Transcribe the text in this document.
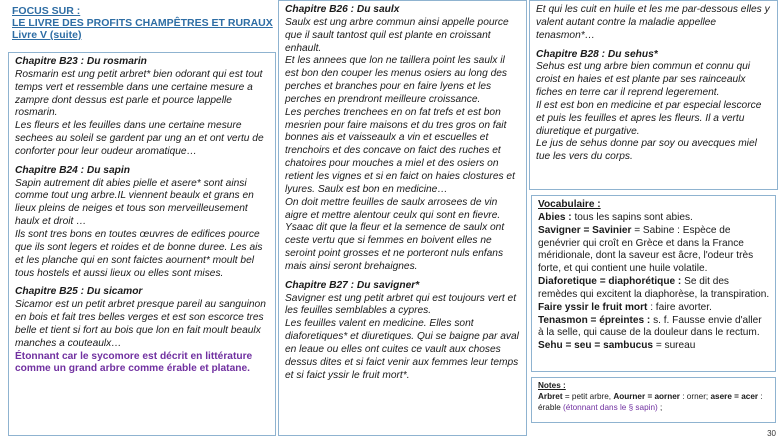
FOCUS SUR :
LE LIVRE DES PROFITS CHAMPÊTRES ET RURAUX
Livre V (suite)

Chapitre B23 : Du rosmarin

Rosmarin est ung petit arbret* bien odorant qui est tout temps vert et ressemble dans une certaine mesure a zampre dont dessus est parle et pource lappelle rosmarin.

Les fleurs et les feuilles dans une certaine mesure sechees au soleil se gardent par ung an et ont vertu de conforter pour leur oudeur aromatique…

Chapitre B24 : Du sapin

Sapin autrement dit abies pielle et asere* sont ainsi comme tout ung arbre.IL viennent beaulx et grans en lieux pleins de neiges et tous son merveilleusement haulx et droit …

Ils sont tres bons en toutes œuvres de edifices pource que ils sont legers et roides et de bonne duree. Les ais et les planche qui en sont faictes aournent* moult bel tous hostels et aussi lieux ou elles sont mises.

Chapitre B25 : Du sicamor

Sicamor est un petit arbret presque pareil au sanguinon en bois et fait tres belles verges et est son escorce tres belle et tient si fort au bois que lon en fait moult beaulx manches a couteaulx…

Étonnant car le sycomore est décrit en littérature comme un grand arbre comme érable et platane.

Chapitre B26 : Du saulx

Saulx est ung arbre commun ainsi appelle pource que il sault tantost quil est plante en croissant enhault.

Et les annees que lon ne taillera point les saulx il est bon den couper les menus osiers au long des perches et branches pour en faire lyens et les perches en prendront meilleure croissance.

Les perches trenchees en on fat trefs et est bon mesrien pour faire maisons et du tres gros on fait bonnes ais et vaisseaulx a vin et escuelles et trenchoirs et des concave on faict des ruches et chatoires pour mouches a miel et des osiers on retient les vignes et si en faict on haies clostures et lyures. Saulx est bon en medicine…

On doit mettre feuilles de saulx arrosees de vin aigre et mettre alentour ceulx qui sont en fievre. Ysaac dit que la fleur et la semence de saulx ont ceste vertu que si femmes en boivent elles ne seroint point grosses et ne porteront nuls enfans mais ainsi seront brehaignes.

Chapitre B27 : Du savigner*

Savigner est ung petit arbret qui est toujours vert et les feuilles semblables a cypres.

Les feuilles valent en medicine. Elles sont diaforetiques* et diuretiques. Qui se baigne par aval en leaue ou elles ont cuites ce vault aux choses dessus dites et si faict venir aux femmes leur temps et si faict yssir le fruit mort*.

Et qui les cuit en huile et les me par-dessous elles y valent autant contre la maladie appellee tenasmon*…

Chapitre B28 : Du sehus*

Sehus est ung arbre bien commun et connu qui croist en haies et est plante par ses rainceaulx fiches en terre car il reprend legerement.

Il est est bon en medicine et par especial lescorce et puis les feuilles et apres les fleurs. Il a vertu diuretique et purgative.

Le jus de sehus donne par soy ou avecques miel tue les vers du corps.

Vocabulaire :

Abies : tous les sapins sont abies.

Savigner = Savinier = Sabine : Espèce de genévrier qui croît en Grèce et dans la France méridionale, dont la saveur est âcre, l'odeur très forte, et qui contient une huile volatile.

Diaforetique = diaphorétique : Se dit des remèdes qui excitent la diaphorèse, la transpiration.

Faire yssir le fruit mort : faire avorter.

Tenasmon = épreintes : s. f. Fausse envie d'aller à la selle, qui cause de la douleur dans le rectum.

Sehu = seu = sambucus = sureau

Notes :

Arbret = petit arbre, Aourner = aorner : orner; asere = acer : érable (étonnant dans le § sapin) ;

30
